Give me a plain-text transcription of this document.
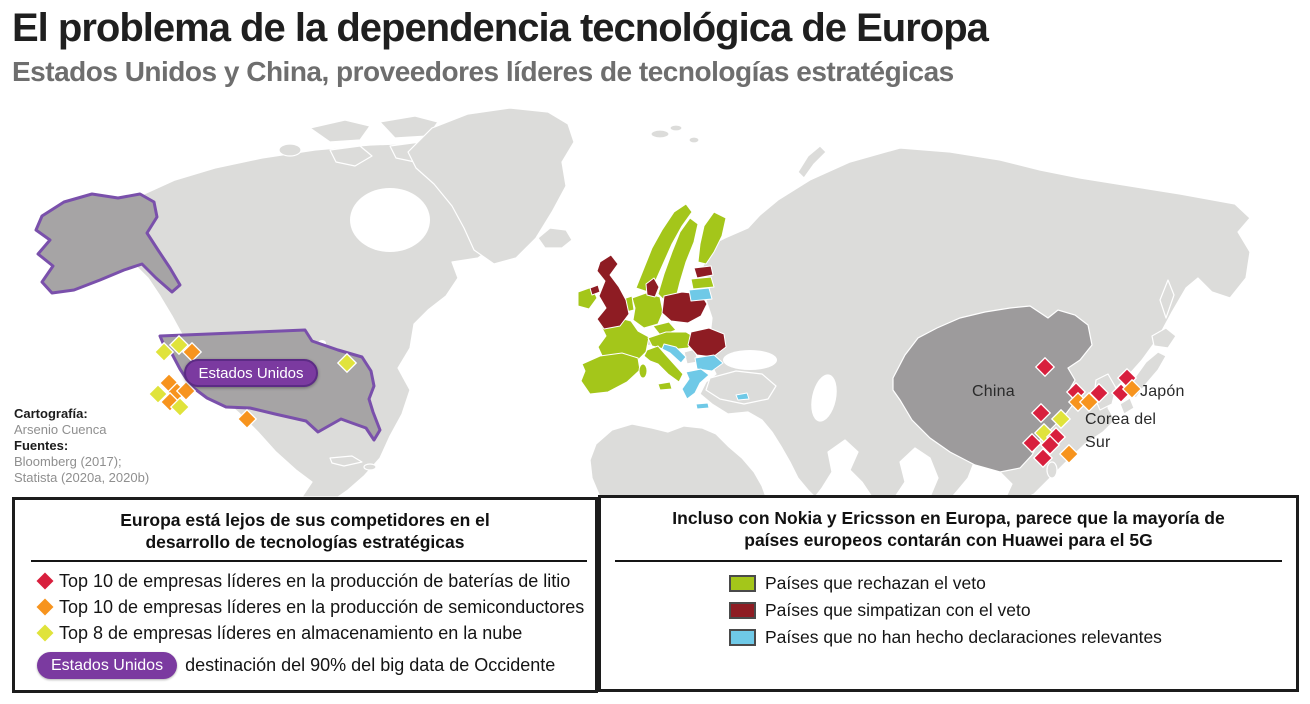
El problema de la dependencia tecnológica de Europa
Estados Unidos y China, proveedores líderes de tecnologías estratégicas
China	Japón
Corea del Sur
Estados Unidos
Cartografía:
Arsenio Cuenca
Fuentes:
Bloomberg (2017);
Statista (2020a, 2020b)
Europa está lejos de sus competidores en el
desarrollo de tecnologías estratégicas
Top 10 de empresas líderes en la producción de baterías de litio
Top 10 de empresas líderes en la producción de semiconductores
Top 8 de empresas líderes en almacenamiento en la nube
Estados Unidos	destinación del 90% del big data de Occidente
Incluso con Nokia y Ericsson en Europa, parece que la mayoría de
países europeos contarán con Huawei para el 5G
Países que rechazan el veto
Países que simpatizan con el veto
Países que no han hecho declaraciones relevantes
